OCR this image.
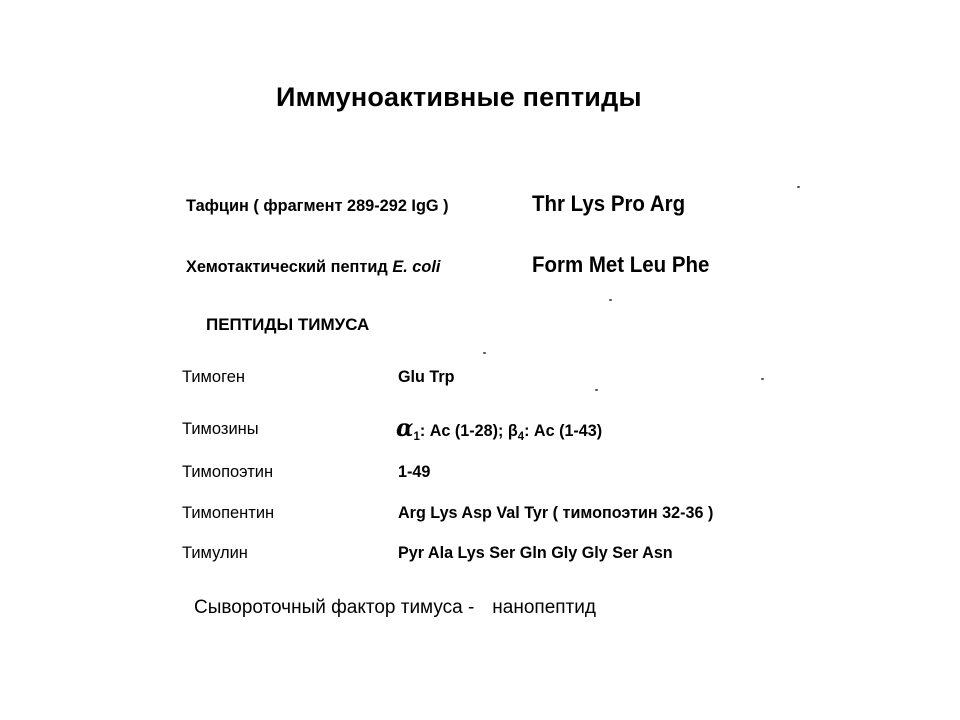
Иммуноактивные пептиды
Тафцин ( фрагмент 289-292 IgG )	Thr Lys Pro Arg
Хемотактический пептид E. coli	Form Met Leu Phe
ПЕПТИДЫ ТИМУСА
Тимоген	Glu Trp
Тимозины	$\alpha_1$: Ac (1-28); $\beta_4$: Ac (1-43)
Тимопоэтин	1-49
Тимопентин	Arg Lys Asp Val Tyr ( тимопоэтин 32-36 )
Тимулин	Pyr Ala Lys Ser Gln Gly Gly Ser Asn
Сывороточный фактор тимуса - нанопептид
